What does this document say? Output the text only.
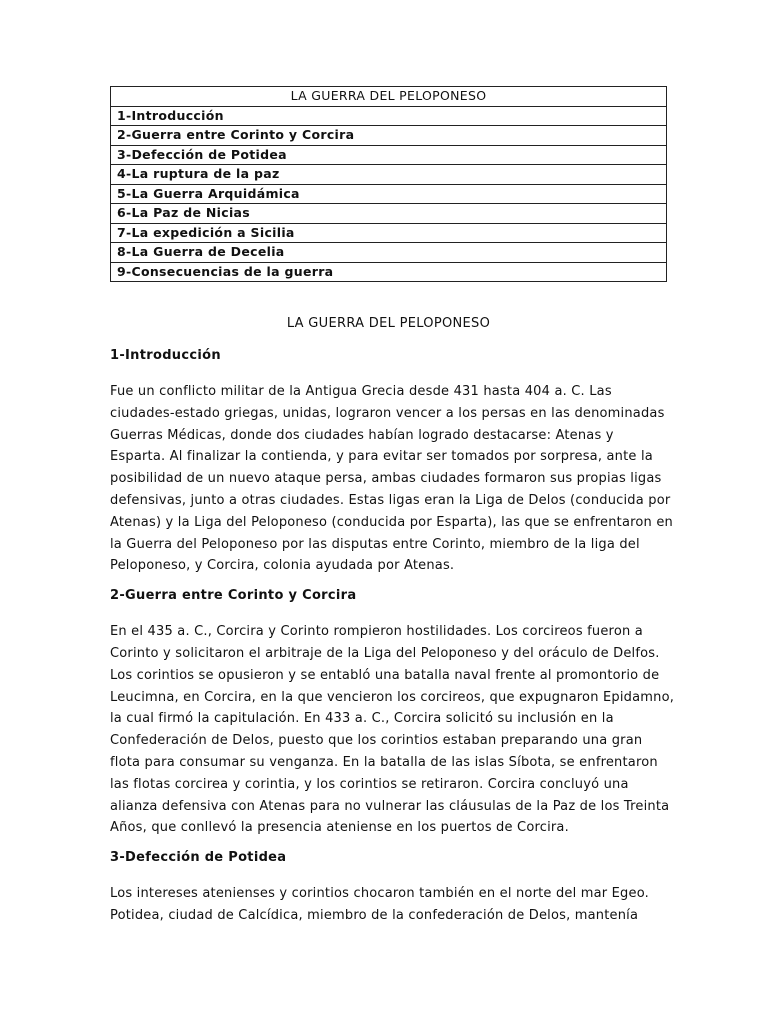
LA GUERRA DEL PELOPONESO
1-Introducción
2-Guerra entre Corinto y Corcira
3-Defección de Potidea
4-La ruptura de la paz
5-La Guerra Arquidámica
6-La Paz de Nicias
7-La expedición a Sicilia
8-La Guerra de Decelia
9-Consecuencias de la guerra
LA GUERRA DEL PELOPONESO
1-Introducción

Fue un conflicto militar de la Antigua Grecia desde 431 hasta 404 a. C. Las
ciudades-estado griegas, unidas, lograron vencer a los persas en las denominadas
Guerras Médicas, donde dos ciudades habían logrado destacarse: Atenas y
Esparta. Al finalizar la contienda, y para evitar ser tomados por sorpresa, ante la
posibilidad de un nuevo ataque persa, ambas ciudades formaron sus propias ligas
defensivas, junto a otras ciudades. Estas ligas eran la Liga de Delos (conducida por
Atenas) y la Liga del Peloponeso (conducida por Esparta), las que se enfrentaron en
la Guerra del Peloponeso por las disputas entre Corinto, miembro de la liga del
Peloponeso, y Corcira, colonia ayudada por Atenas.

2-Guerra entre Corinto y Corcira

En el 435 a. C., Corcira y Corinto rompieron hostilidades. Los corcireos fueron a
Corinto y solicitaron el arbitraje de la Liga del Peloponeso y del oráculo de Delfos.
Los corintios se opusieron y se entabló una batalla naval frente al promontorio de
Leucimna, en Corcira, en la que vencieron los corcireos, que expugnaron Epidamno,
la cual firmó la capitulación. En 433 a. C., Corcira solicitó su inclusión en la
Confederación de Delos, puesto que los corintios estaban preparando una gran
flota para consumar su venganza. En la batalla de las islas Síbota, se enfrentaron
las flotas corcirea y corintia, y los corintios se retiraron. Corcira concluyó una
alianza defensiva con Atenas para no vulnerar las cláusulas de la Paz de los Treinta
Años, que conllevó la presencia ateniense en los puertos de Corcira.

3-Defección de Potidea

Los intereses atenienses y corintios chocaron también en el norte del mar Egeo.
Potidea, ciudad de Calcídica, miembro de la confederación de Delos, mantenía
